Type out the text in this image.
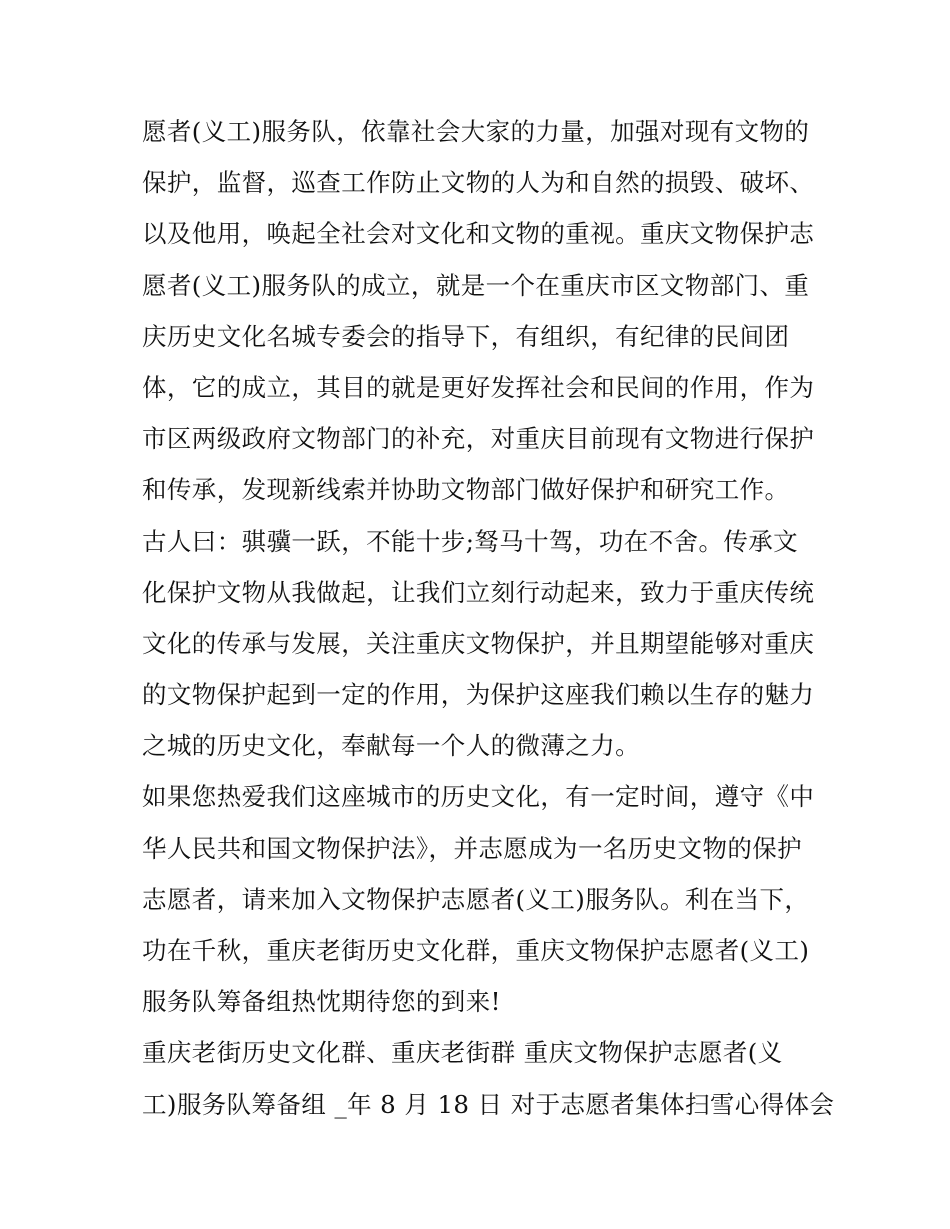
愿者(义工)服务队，依靠社会大家的力量，加强对现有文物的
保护，监督，巡查工作防止文物的人为和自然的损毁、破坏、
以及他用，唤起全社会对文化和文物的重视。重庆文物保护志
愿者(义工)服务队的成立，就是一个在重庆市区文物部门、重
庆历史文化名城专委会的指导下，有组织，有纪律的民间团
体，它的成立，其目的就是更好发挥社会和民间的作用，作为
市区两级政府文物部门的补充，对重庆目前现有文物进行保护
和传承，发现新线索并协助文物部门做好保护和研究工作。
古人曰：骐骥一跃，不能十步;驽马十驾，功在不舍。传承文
化保护文物从我做起，让我们立刻行动起来，致力于重庆传统
文化的传承与发展，关注重庆文物保护，并且期望能够对重庆
的文物保护起到一定的作用，为保护这座我们赖以生存的魅力
之城的历史文化，奉献每一个人的微薄之力。
如果您热爱我们这座城市的历史文化，有一定时间，遵守《中
华人民共和国文物保护法》，并志愿成为一名历史文物的保护
志愿者，请来加入文物保护志愿者(义工)服务队。利在当下，
功在千秋，重庆老街历史文化群，重庆文物保护志愿者(义工)
服务队筹备组热忱期待您的到来!
重庆老街历史文化群、重庆老街群 重庆文物保护志愿者(义
工)服务队筹备组 _年 8 月 18 日 对于志愿者集体扫雪心得体会
